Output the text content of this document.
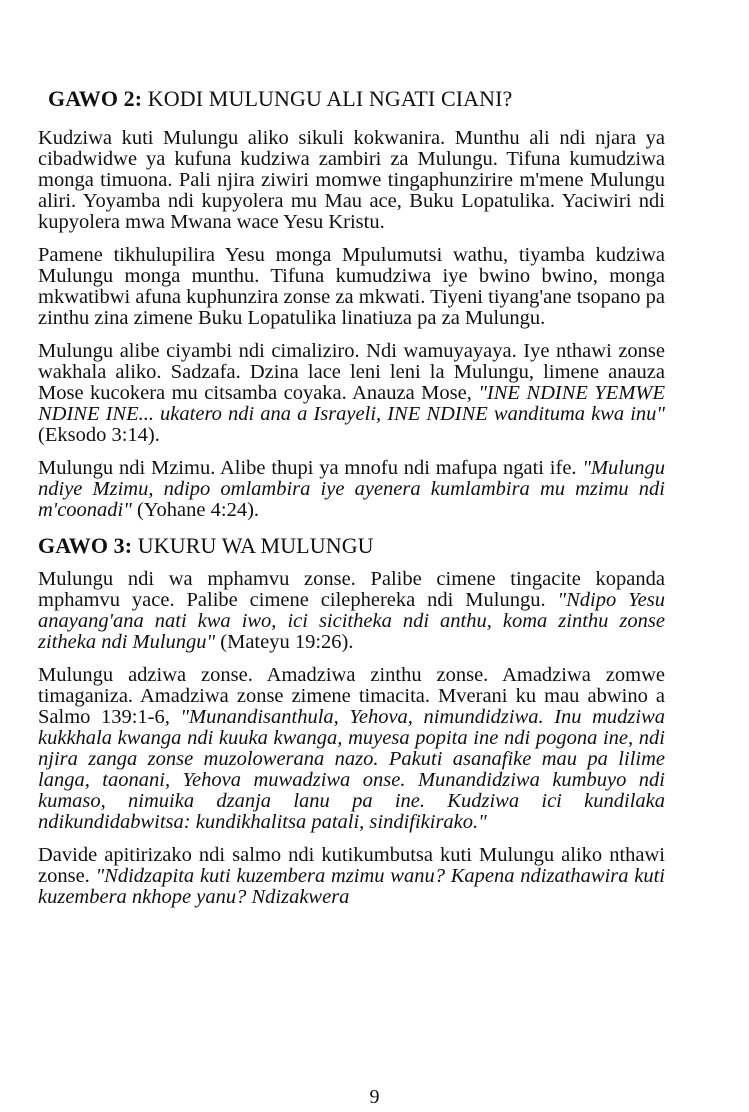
GAWO 2: KODI MULUNGU ALI NGATI CIANI?

Kudziwa kuti Mulungu aliko sikuli kokwanira. Munthu ali ndi njara ya cibadwidwe ya kufuna kudziwa zambiri za Mulungu. Tifuna kumudziwa monga timuona. Pali njira ziwiri momwe tingaphunzirire m'mene Mulungu aliri. Yoyamba ndi kupyolera mu Mau ace, Buku Lopatulika. Yaciwiri ndi kupyolera mwa Mwana wace Yesu Kristu.

Pamene tikhulupilira Yesu monga Mpulumutsi wathu, tiyamba kudziwa Mulungu monga munthu. Tifuna kumudziwa iye bwino bwino, monga mkwatibwi afuna kuphunzira zonse za mkwati. Tiyeni tiyang'ane tsopano pa zinthu zina zimene Buku Lopatulika linatiuza pa za Mulungu.

Mulungu alibe ciyambi ndi cimaliziro. Ndi wamuyayaya. Iye nthawi zonse wakhala aliko. Sadzafa. Dzina lace leni leni la Mulungu, limene anauza Mose kucokera mu citsamba coyaka. Anauza Mose, "INE NDINE YEMWE NDINE INE... ukatero ndi ana a Israyeli, INE NDINE wandituma kwa inu" (Eksodo 3:14).

Mulungu ndi Mzimu. Alibe thupi ya mnofu ndi mafupa ngati ife. "Mulungu ndiye Mzimu, ndipo omlambira iye ayenera kumlambira mu mzimu ndi m'coonadi" (Yohane 4:24).

GAWO 3: UKURU WA MULUNGU

Mulungu ndi wa mphamvu zonse. Palibe cimene tingacite kopanda mphamvu yace. Palibe cimene cilephereka ndi Mulungu. "Ndipo Yesu anayang'ana nati kwa iwo, ici sicitheka ndi anthu, koma zinthu zonse zitheka ndi Mulungu" (Mateyu 19:26).

Mulungu adziwa zonse. Amadziwa zinthu zonse. Amadziwa zomwe timaganiza. Amadziwa zonse zimene timacita. Mverani ku mau abwino a Salmo 139:1-6, "Munandisanthula, Yehova, nimundidziwa. Inu mudziwa kukkhala kwanga ndi kuuka kwanga, muyesa popita ine ndi pogona ine, ndi njira zanga zonse muzolowerana nazo. Pakuti asanafike mau pa lilime langa, taonani, Yehova muwadziwa onse. Munandidziwa kumbuyo ndi kumaso, nimuika dzanja lanu pa ine. Kudziwa ici kundilaka ndikundidabwitsa: kundikhalitsa patali, sindifikirako."

Davide apitirizako ndi salmo ndi kutikumbutsa kuti Mulungu aliko nthawi zonse. "Ndidzapita kuti kuzembera mzimu wanu? Kapena ndizathawira kuti kuzembera nkhope yanu? Ndizakwera

9
